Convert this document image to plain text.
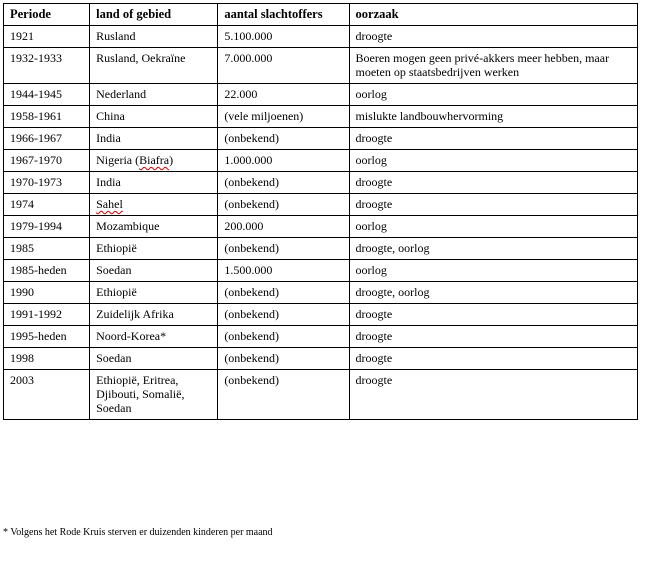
Periode	land of gebied	aantal slachtoffers	oorzaak
1921	Rusland	5.100.000	droogte
1932-1933	Rusland, Oekraïne	7.000.000	Boeren mogen geen privé-akkers meer hebben, maar moeten op staatsbedrijven werken
1944-1945	Nederland	22.000	oorlog
1958-1961	China	(vele miljoenen)	mislukte landbouwhervorming
1966-1967	India	(onbekend)	droogte
1967-1970	Nigeria (Biafra)	1.000.000	oorlog
1970-1973	India	(onbekend)	droogte
1974	Sahel	(onbekend)	droogte
1979-1994	Mozambique	200.000	oorlog
1985	Ethiopië	(onbekend)	droogte, oorlog
1985-heden	Soedan	1.500.000	oorlog
1990	Ethiopië	(onbekend)	droogte, oorlog
1991-1992	Zuidelijk Afrika	(onbekend)	droogte
1995-heden	Noord-Korea*	(onbekend)	droogte
1998	Soedan	(onbekend)	droogte
2003	Ethiopië, Eritrea, Djibouti, Somalië, Soedan	(onbekend)	droogte
* Volgens het Rode Kruis sterven er duizenden kinderen per maand
